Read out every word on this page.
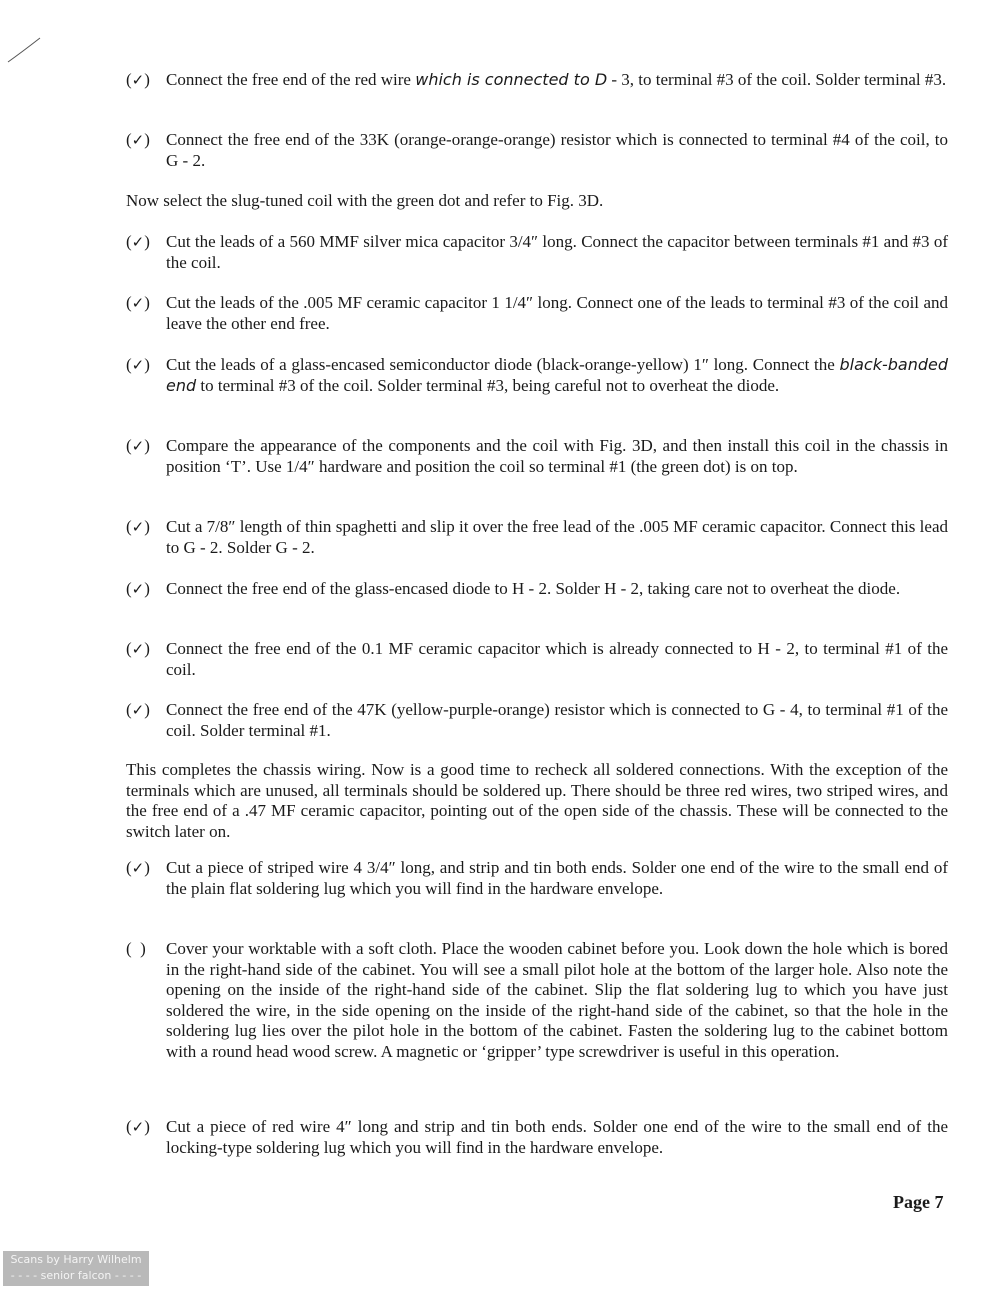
(✓) Connect the free end of the red wire which is connected to D - 3, to terminal #3 of the coil. Solder terminal #3.
(✓) Connect the free end of the 33K (orange-orange-orange) resistor which is connected to terminal #4 of the coil, to G - 2.
Now select the slug-tuned coil with the green dot and refer to Fig. 3D.
(✓) Cut the leads of a 560 MMF silver mica capacitor 3/4″ long. Connect the capacitor between terminals #1 and #3 of the coil.
(✓) Cut the leads of the .005 MF ceramic capacitor 1 1/4″ long. Connect one of the leads to terminal #3 of the coil and leave the other end free.
(✓) Cut the leads of a glass-encased semiconductor diode (black-orange-yellow) 1″ long. Connect the black-banded end to terminal #3 of the coil. Solder terminal #3, being careful not to overheat the diode.
(✓) Compare the appearance of the components and the coil with Fig. 3D, and then install this coil in the chassis in position ‘T’. Use 1/4″ hardware and position the coil so terminal #1 (the green dot) is on top.
(✓) Cut a 7/8″ length of thin spaghetti and slip it over the free lead of the .005 MF ceramic capacitor. Connect this lead to G - 2. Solder G - 2.
(✓) Connect the free end of the glass-encased diode to H - 2. Solder H - 2, taking care not to overheat the diode.
(✓) Connect the free end of the 0.1 MF ceramic capacitor which is already connected to H - 2, to terminal #1 of the coil.
(✓) Connect the free end of the 47K (yellow-purple-orange) resistor which is connected to G - 4, to terminal #1 of the coil. Solder terminal #1.
This completes the chassis wiring. Now is a good time to recheck all soldered connections. With the exception of the terminals which are unused, all terminals should be soldered up. There should be three red wires, two striped wires, and the free end of a .47 MF ceramic capacitor, pointing out of the open side of the chassis. These will be connected to the switch later on.
(✓) Cut a piece of striped wire 4 3/4″ long, and strip and tin both ends. Solder one end of the wire to the small end of the plain flat soldering lug which you will find in the hardware envelope.
(  )	Cover your worktable with a soft cloth. Place the wooden cabinet before you. Look down the hole which is bored in the right-hand side of the cabinet. You will see a small pilot hole at the bottom of the larger hole. Also note the opening on the inside of the right-hand side of the cabinet. Slip the flat soldering lug to which you have just soldered the wire, in the side opening on the inside of the right-hand side of the cabinet, so that the hole in the soldering lug lies over the pilot hole in the bottom of the cabinet. Fasten the soldering lug to the cabinet bottom with a round head wood screw. A magnetic or ‘gripper’ type screwdriver is useful in this operation.
(✓) Cut a piece of red wire 4″ long and strip and tin both ends. Solder one end of the wire to the small end of the locking-type soldering lug which you will find in the hardware envelope.
Page 7
Scans by Harry Wilhelm
- - - - senior falcon - - - -
